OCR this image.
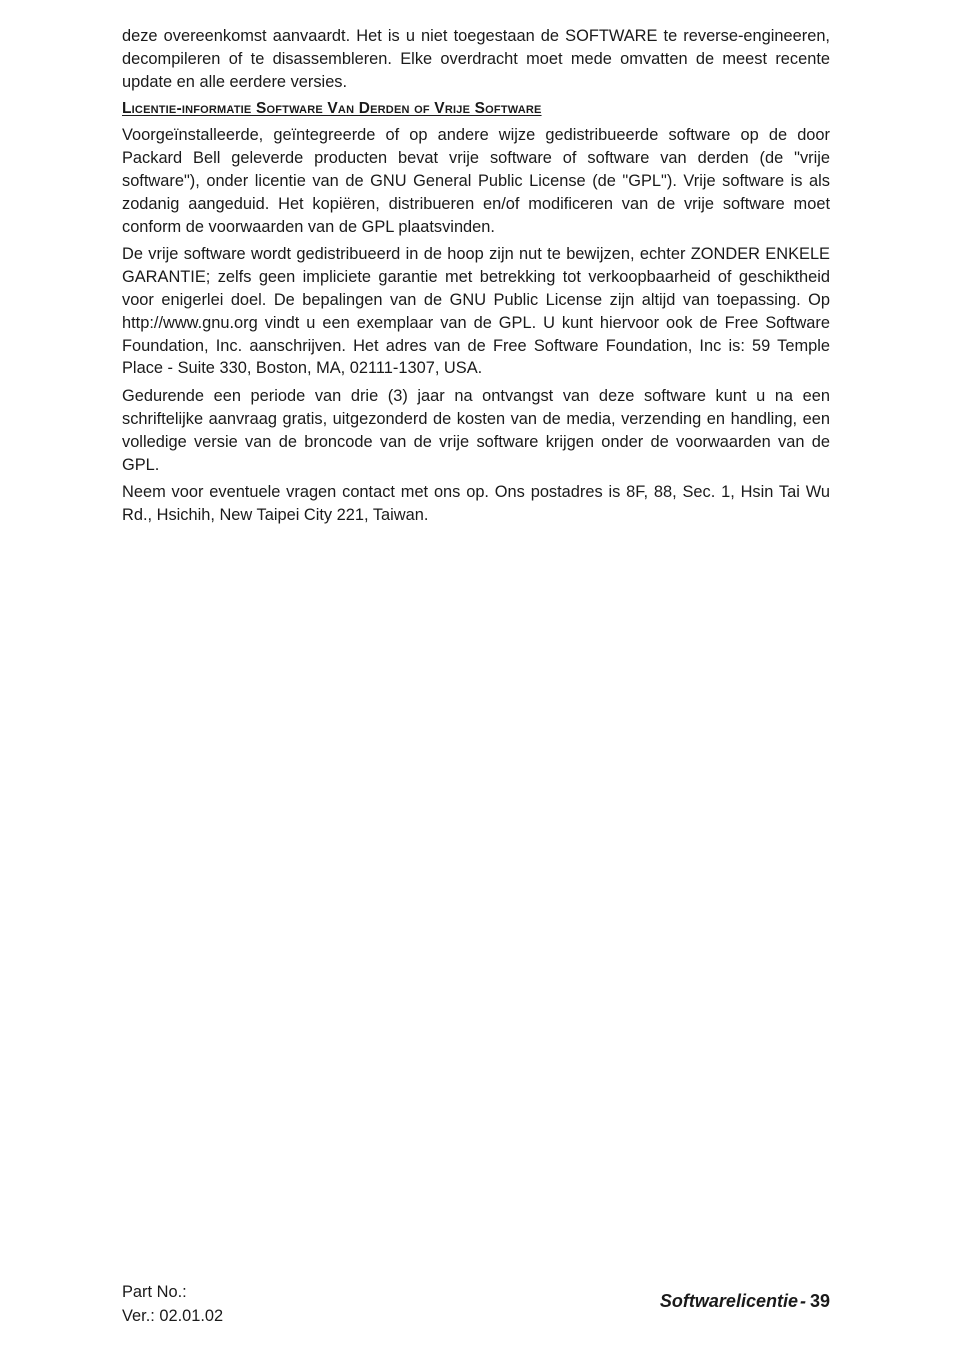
deze overeenkomst aanvaardt. Het is u niet toegestaan de SOFTWARE te reverse-engineeren, decompileren of te disassembleren. Elke overdracht moet mede omvatten de meest recente update en alle eerdere versies.

Licentie-informatie Software Van Derden of Vrije Software

Voorgeïnstalleerde, geïntegreerde of op andere wijze gedistribueerde software op de door Packard Bell geleverde producten bevat vrije software of software van derden (de "vrije software"), onder licentie van de GNU General Public License (de "GPL"). Vrije software is als zodanig aangeduid. Het kopiëren, distribueren en/of modificeren van de vrije software moet conform de voorwaarden van de GPL plaatsvinden.

De vrije software wordt gedistribueerd in de hoop zijn nut te bewijzen, echter ZONDER ENKELE GARANTIE; zelfs geen impliciete garantie met betrekking tot verkoopbaarheid of geschiktheid voor enigerlei doel. De bepalingen van de GNU Public License zijn altijd van toepassing. Op http://www.gnu.org vindt u een exemplaar van de GPL. U kunt hiervoor ook de Free Software Foundation, Inc. aanschrijven. Het adres van de Free Software Foundation, Inc is: 59 Temple Place - Suite 330, Boston, MA, 02111-1307, USA.

Gedurende een periode van drie (3) jaar na ontvangst van deze software kunt u na een schriftelijke aanvraag gratis, uitgezonderd de kosten van de media, verzending en handling, een volledige versie van de broncode van de vrije software krijgen onder de voorwaarden van de GPL.

Neem voor eventuele vragen contact met ons op. Ons postadres is 8F, 88, Sec. 1, Hsin Tai Wu Rd., Hsichih, New Taipei City 221, Taiwan.

Part No.:
Ver.: 02.01.02
Softwarelicentie - 39
